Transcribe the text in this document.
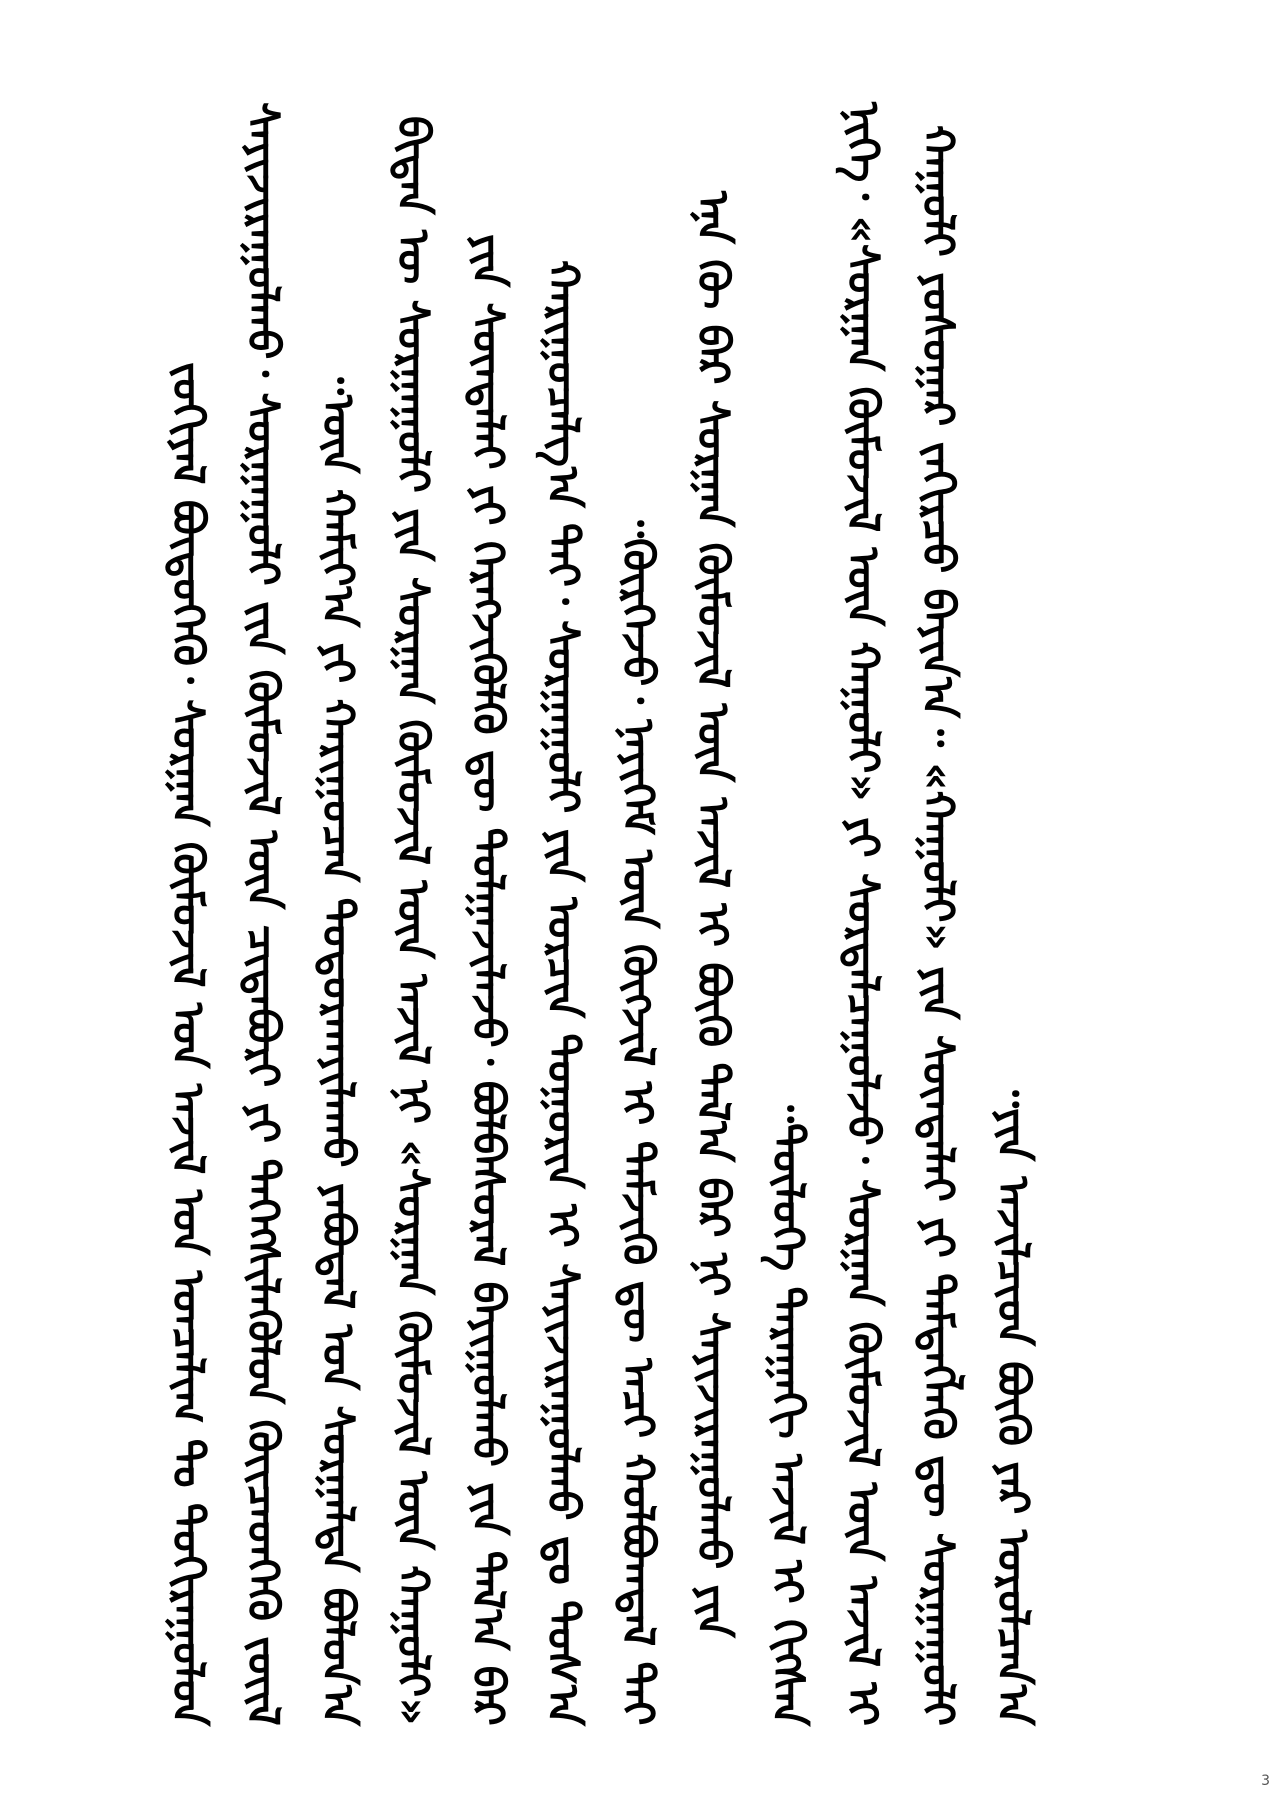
ᠵᠣᠬᠢᠶᠠᠯ ᠪᠦᠲᠦᠭᠡᠬᠦ᠂ ᠰᠤᠷᠭᠠᠨ ᠬᠦᠮᠦᠵᠢᠯ ᠤᠨ ᠠᠵᠢᠯ ᠤᠨ ᠣᠨᠴᠠᠯᠢᠭ ᠲᠤ ᠲᠣᠬᠢᠷᠠᠭᠤᠯᠤᠨ ᠰᠠᠶᠢᠵᠢᠷᠠᠭᠤᠯᠬᠤ᠂ ᠰᠤᠷᠭᠠᠭᠤᠯᠢ ᠵᠢᠨ ᠬᠦᠮᠦᠵᠢᠯ ᠦᠨ ᠴᠢᠳᠠᠪᠤᠷᠢ ᠶᠢ ᠳᠡᠭᠡᠭᠰᠢᠯᠡᠭᠦᠯᠦᠨ ᠭᠦᠢᠴᠡᠳᠬᠡᠬᠦ ᠵᠦᠢᠯ ᠦᠨ ᠬᠠᠮᠢᠶ᠎ᠠ ᠶᠢ ᠬᠠᠷᠢᠭᠤᠴᠠᠨ ᠲᠣᠳᠤᠷᠬᠠᠶᠢᠯᠠᠬᠤ ᠶᠠᠪᠤᠳᠠᠯ ᠤᠨ ᠰᠤᠷᠭᠠᠯᠲᠠ ᠪᠣᠯᠤᠨ᠎ᠠ᠃ ᠪᠢᠳᠡᠨ ᠦ ᠰᠤᠷᠭᠠᠭᠤᠯᠢ ᠶᠢᠨ ᠰᠤᠷᠭᠠᠨ ᠬᠦᠮᠦᠵᠢᠯ ᠦᠨ ᠠᠵᠢᠯ ᠨᠢ «ᠰᠤᠷᠭᠠᠨ ᠬᠦᠮᠦᠵᠢᠯ ᠦᠨ ᠬᠠᠭᠤᠯᠢ» ᠶᠢᠨ ᠰᠦᠨᠳᠡᠯᠡᠢ ᠶᠢ ᠬᠡᠷᠡᠭᠵᠢᠭᠦᠯᠬᠦ ᠳᠦ ᠲᠤᠯᠭᠠᠵᠢᠯᠠᠵᠤ᠂ ᠪᠣᠯᠪᠠᠰᠤᠷᠠᠯ ᠪᠠᠶᠢᠭᠤᠯᠬᠤ ᠶᠢᠨ ᠲᠠᠯ᠎ᠠ ᠪᠠᠷ ᠬᠠᠷᠢᠭᠤᠴᠠᠯᠭ᠎ᠠ ᠲᠠᠢ᠂ ᠰᠤᠷᠭᠠᠭᠤᠯᠢ ᠶᠢᠨ ᠣᠷᠴᠢᠨ ᠲᠣᠭᠣᠷᠢᠨ ᠢ ᠰᠠᠶᠢᠵᠢᠷᠠᠭᠤᠯᠬᠤ ᠳᠤ ᠲᠣᠰ᠎ᠠ ᠬᠦᠷᠭᠡᠵᠦ᠂ ᠨᠡᠶᠢᠭᠡᠮ ᠦᠨ ᠬᠥᠭᠵᠢᠯ ᠢ ᠳᠡᠮᠵᠢᠬᠦ ᠳᠦ ᠠᠴᠢ ᠬᠣᠯᠪᠣᠭᠳᠠᠯ ᠲᠠᠢ᠃ ᠡᠨᠡ ᠬᠦ ᠪᠠᠷ ᠰᠤᠷᠭᠠᠨ ᠬᠦᠮᠦᠵᠢᠯ ᠦᠨ ᠠᠵᠢᠯ ᠢ ᠪᠦᠬᠦ ᠲᠠᠯ᠎ᠠ ᠪᠠᠷ ᠨᠢ ᠰᠠᠶᠢᠵᠢᠷᠠᠭᠤᠯᠬᠤ ᠶᠢᠨ ᠲᠥᠯᠥᠭᠡ ᠳᠠᠷᠠᠭᠠᠬᠢ ᠠᠵᠢᠯ ᠢ ᠬᠢᠭᠰᠡᠨ᠃ ᠨᠢᠭᠡ᠂ «ᠰᠤᠷᠭᠠᠨ ᠬᠦᠮᠦᠵᠢᠯ ᠦᠨ ᠬᠠᠭᠤᠯᠢ» ᠶᠢ ᠰᠤᠷᠳᠠᠯᠴᠠᠭᠤᠯᠵᠤ᠂ ᠰᠤᠷᠭᠠᠨ ᠬᠦᠮᠦᠵᠢᠯ ᠦᠨ ᠠᠵᠢᠯ ᠢ ᠬᠠᠭᠤᠯᠢ ᠶᠣᠰᠣᠭᠠᠷ ᠵᠠᠬᠢᠷᠴᠤ ᠪᠠᠶᠢᠨ᠎ᠠ᠃ «ᠬᠠᠭᠤᠯᠢ» ᠶᠢᠨ ᠰᠦᠨᠳᠡᠯᠡᠢ ᠶᠢ ᠲᠡᠮᠳᠡᠭᠯᠡᠬᠦ ᠳᠦ ᠰᠤᠷᠭᠠᠭᠤᠯᠢ ᠶᠢᠨ ᠠᠵᠢᠯᠴᠢᠳ ᠪᠦᠬᠦ ᠶᠡᠷ ᠣᠷᠣᠯᠴᠠᠨ᠎ᠠ᠃

3
